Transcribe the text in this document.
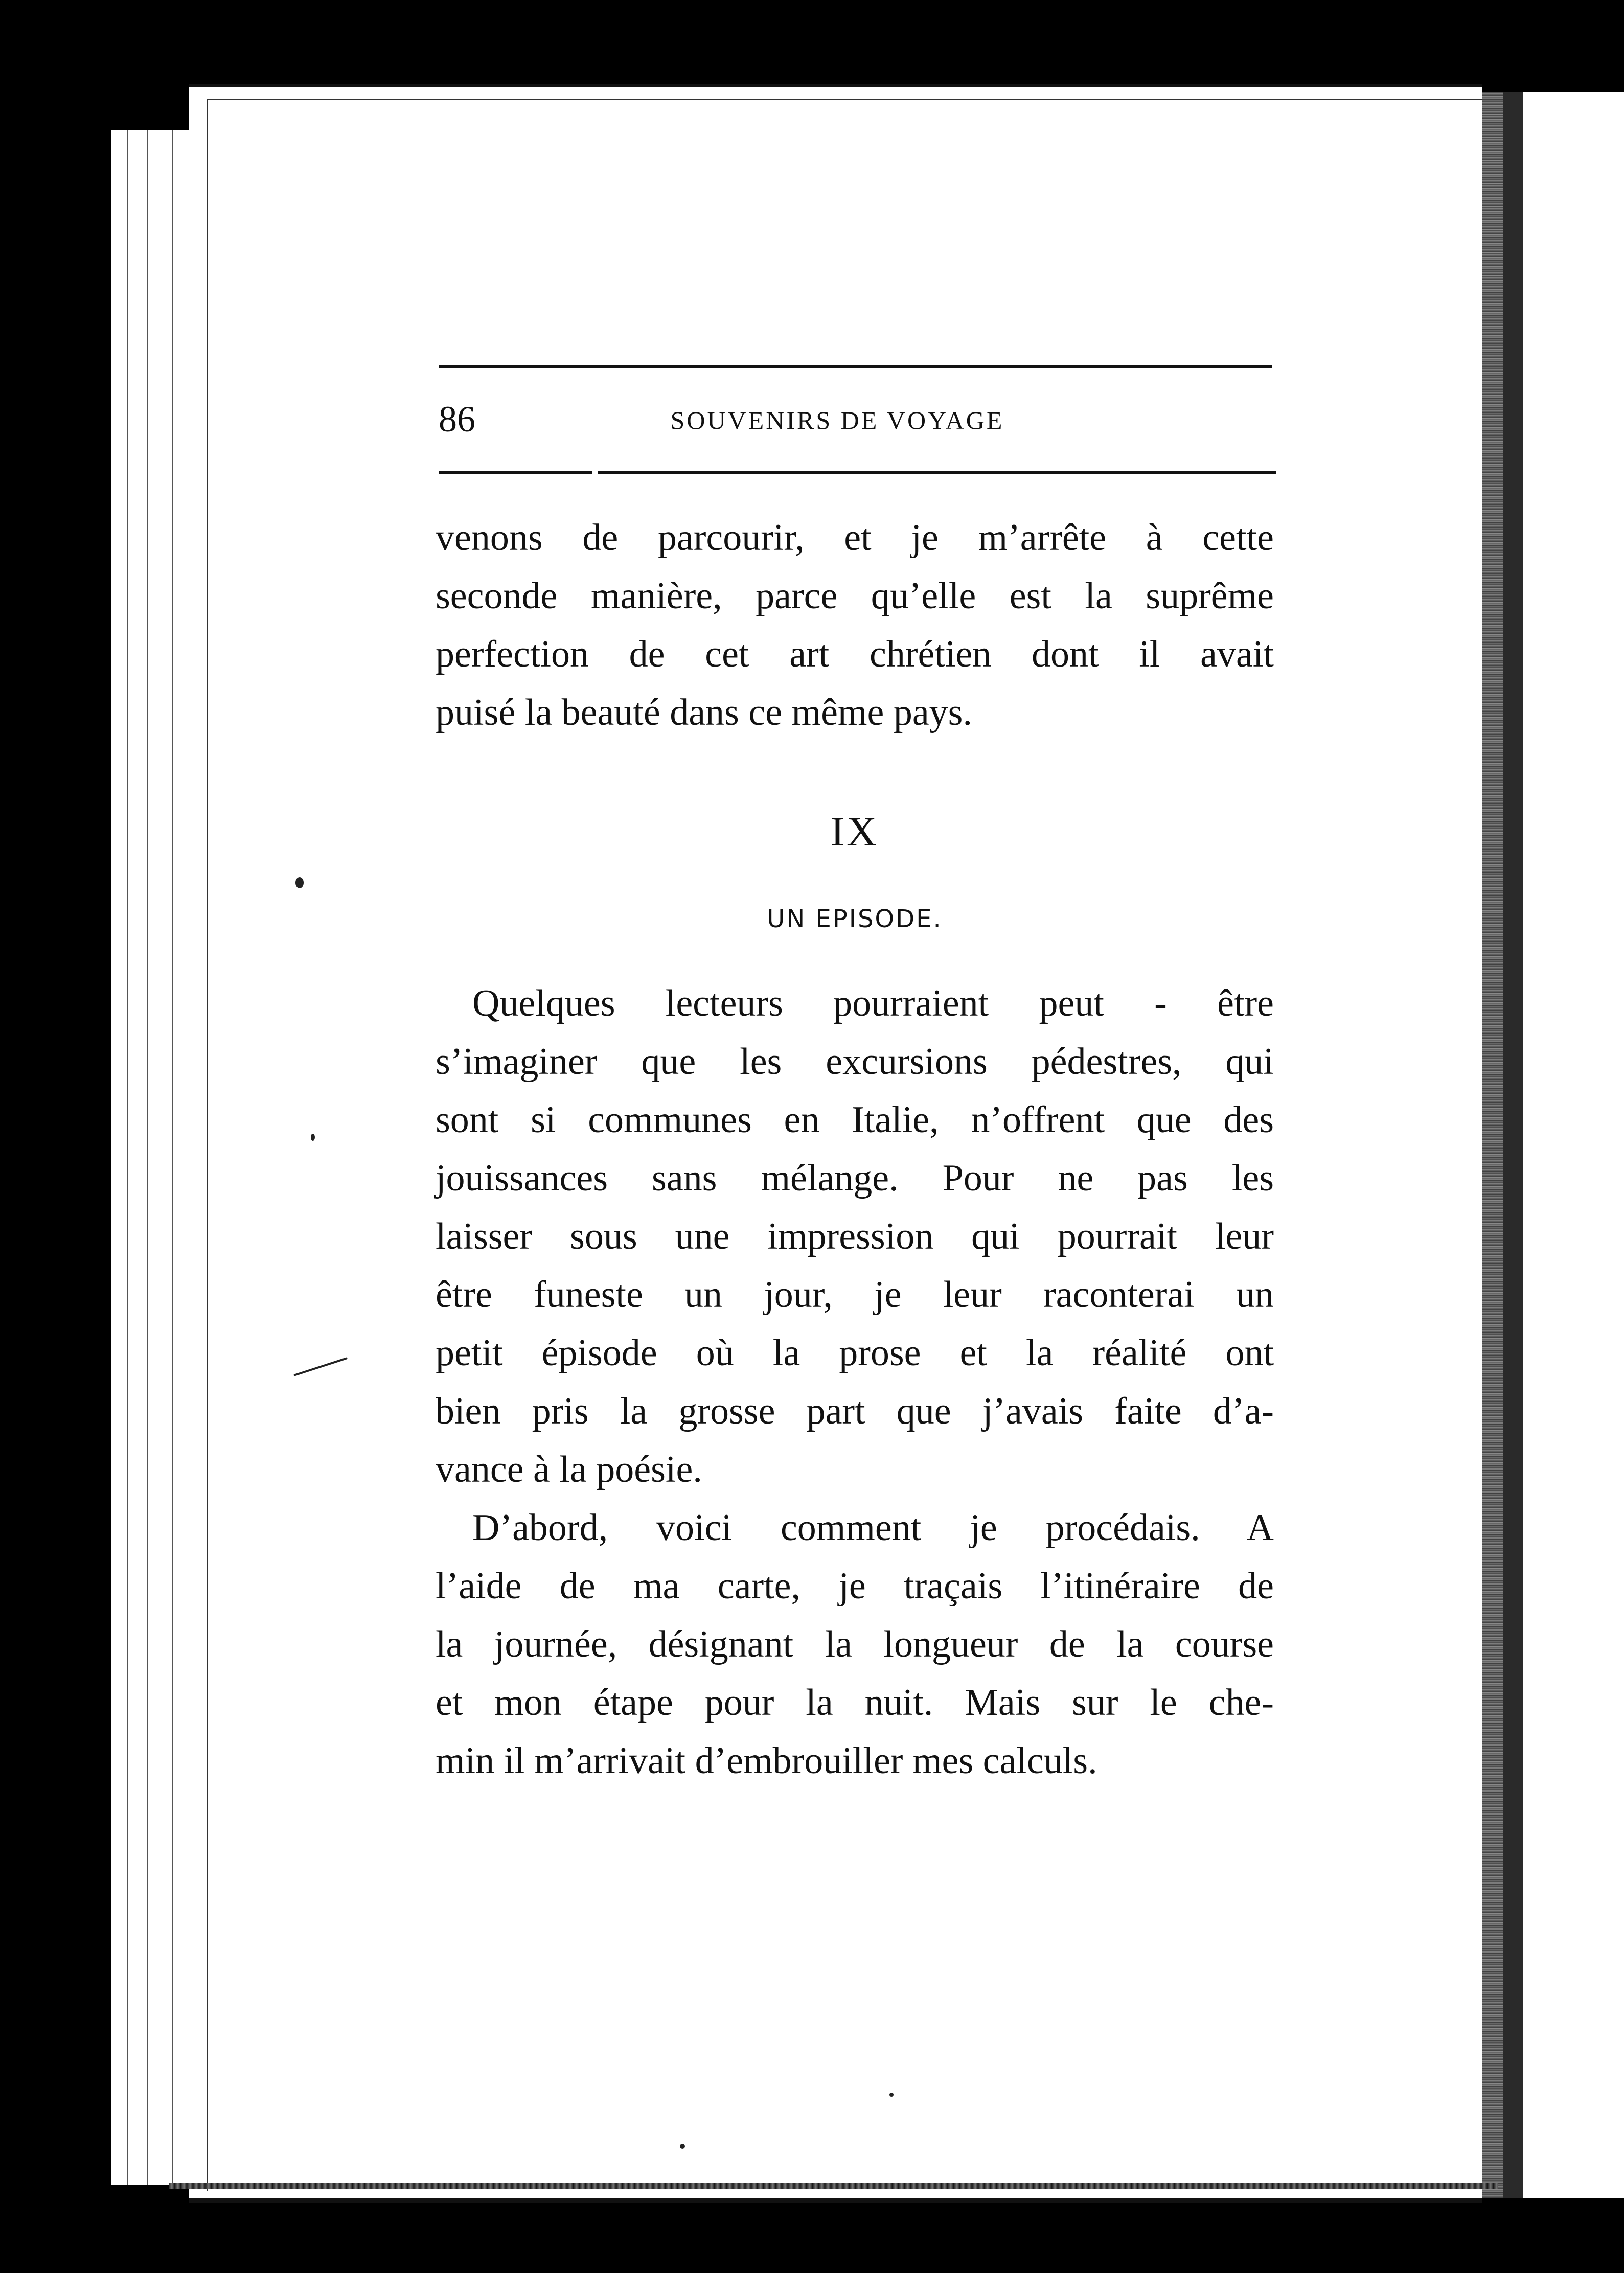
86	SOUVENIRS DE VOYAGE
venons de parcourir, et je m’arrête à cette
seconde manière, parce qu’elle est la suprême
perfection de cet art chrétien dont il avait
puisé la beauté dans ce même pays.
IX
UN EPISODE.
Quelques lecteurs pourraient peut - être
s’imaginer que les excursions pédestres, qui
sont si communes en Italie, n’offrent que des
jouissances sans mélange. Pour ne pas les
laisser sous une impression qui pourrait leur
être funeste un jour, je leur raconterai un
petit épisode où la prose et la réalité ont
bien pris la grosse part que j’avais faite d’a-
vance à la poésie.
D’abord, voici comment je procédais. A
l’aide de ma carte, je traçais l’itinéraire de
la journée, désignant la longueur de la course
et mon étape pour la nuit. Mais sur le che-
min il m’arrivait d’embrouiller mes calculs.
